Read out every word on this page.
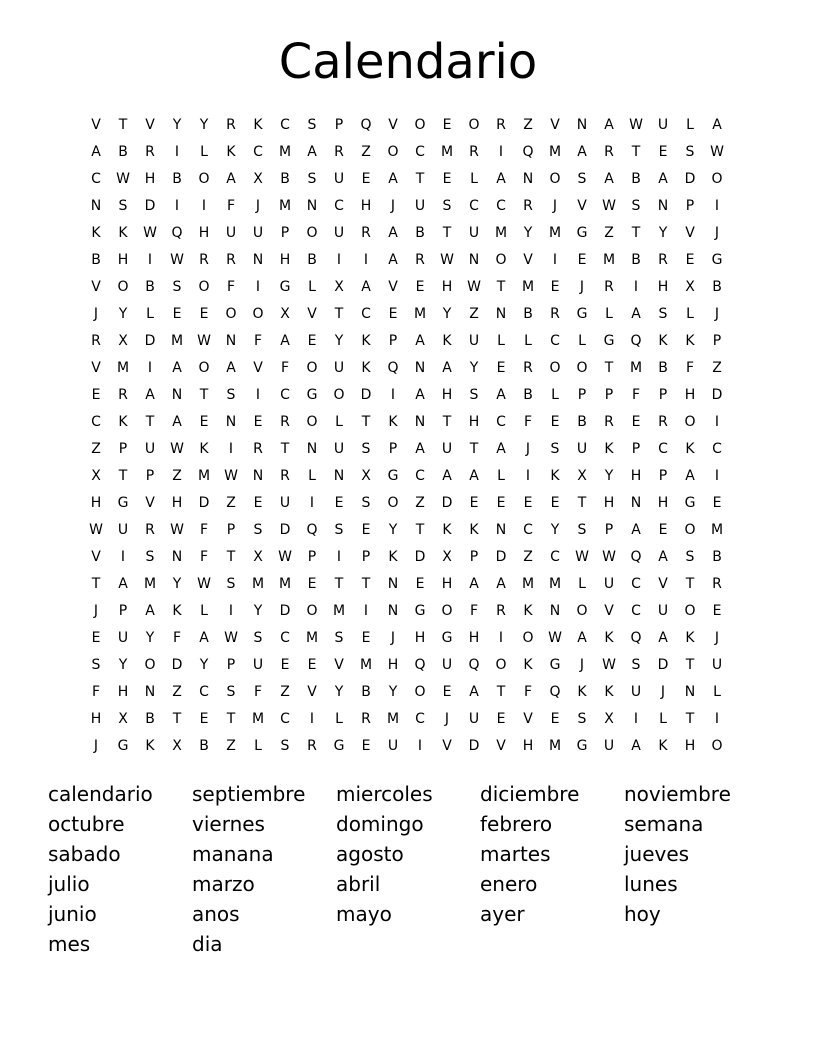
Calendario
V	T	V	Y	Y	R	K	C	S	P	Q	V	O	E	O	R	Z	V	N	A	W	U	L	A
A	B	R	I	L	K	C	M	A	R	Z	O	C	M	R	I	Q	M	A	R	T	E	S	W
C	W	H	B	O	A	X	B	S	U	E	A	T	E	L	A	N	O	S	A	B	A	D	O
N	S	D	I	I	F	J	M	N	C	H	J	U	S	C	C	R	J	V	W	S	N	P	I
K	K	W	Q	H	U	U	P	O	U	R	A	B	T	U	M	Y	M	G	Z	T	Y	V	J
B	H	I	W	R	R	N	H	B	I	I	A	R	W	N	O	V	I	E	M	B	R	E	G
V	O	B	S	O	F	I	G	L	X	A	V	E	H	W	T	M	E	J	R	I	H	X	B
J	Y	L	E	E	O	O	X	V	T	C	E	M	Y	Z	N	B	R	G	L	A	S	L	J
R	X	D	M	W	N	F	A	E	Y	K	P	A	K	U	L	L	C	L	G	Q	K	K	P
V	M	I	A	O	A	V	F	O	U	K	Q	N	A	Y	E	R	O	O	T	M	B	F	Z
E	R	A	N	T	S	I	C	G	O	D	I	A	H	S	A	B	L	P	P	F	P	H	D
C	K	T	A	E	N	E	R	O	L	T	K	N	T	H	C	F	E	B	R	E	R	O	I
Z	P	U	W	K	I	R	T	N	U	S	P	A	U	T	A	J	S	U	K	P	C	K	C
X	T	P	Z	M	W	N	R	L	N	X	G	C	A	A	L	I	K	X	Y	H	P	A	I
H	G	V	H	D	Z	E	U	I	E	S	O	Z	D	E	E	E	E	T	H	N	H	G	E
W	U	R	W	F	P	S	D	Q	S	E	Y	T	K	K	N	C	Y	S	P	A	E	O	M
V	I	S	N	F	T	X	W	P	I	P	K	D	X	P	D	Z	C	W W	Q	A	S	B
T	A	M	Y	W	S	M	M	E	T	T	N	E	H	A	A	M	M	L	U	C	V	T	R
J	P	A	K	L	I	Y	D	O	M	I	N	G	O	F	R	K	N	O	V	C	U	O	E
E	U	Y	F	A	W	S	C	M	S	E	J	H	G	H	I	O	W	A	K	Q	A	K	J
S	Y	O	D	Y	P	U	E	E	V	M	H	Q	U	Q	O	K	G	J	W	S	D	T	U
F	H	N	Z	C	S	F	Z	V	Y	B	Y	O	E	A	T	F	Q	K	K	U	J	N	L
H	X	B	T	E	T	M	C	I	L	R	M	C	J	U	E	V	E	S	X	I	L	T	I
J	G	K	X	B	Z	L	S	R	G	E	U	I	V	D	V	H	M	G	U	A	K	H	O
calendario septiembre miercoles diciembre noviembre
octubre	viernes	domingo	febrero	semana
sabado	manana	agosto	martes	jueves
julio	marzo	abril	enero	lunes
junio	anos	mayo	ayer	hoy
mes	dia
